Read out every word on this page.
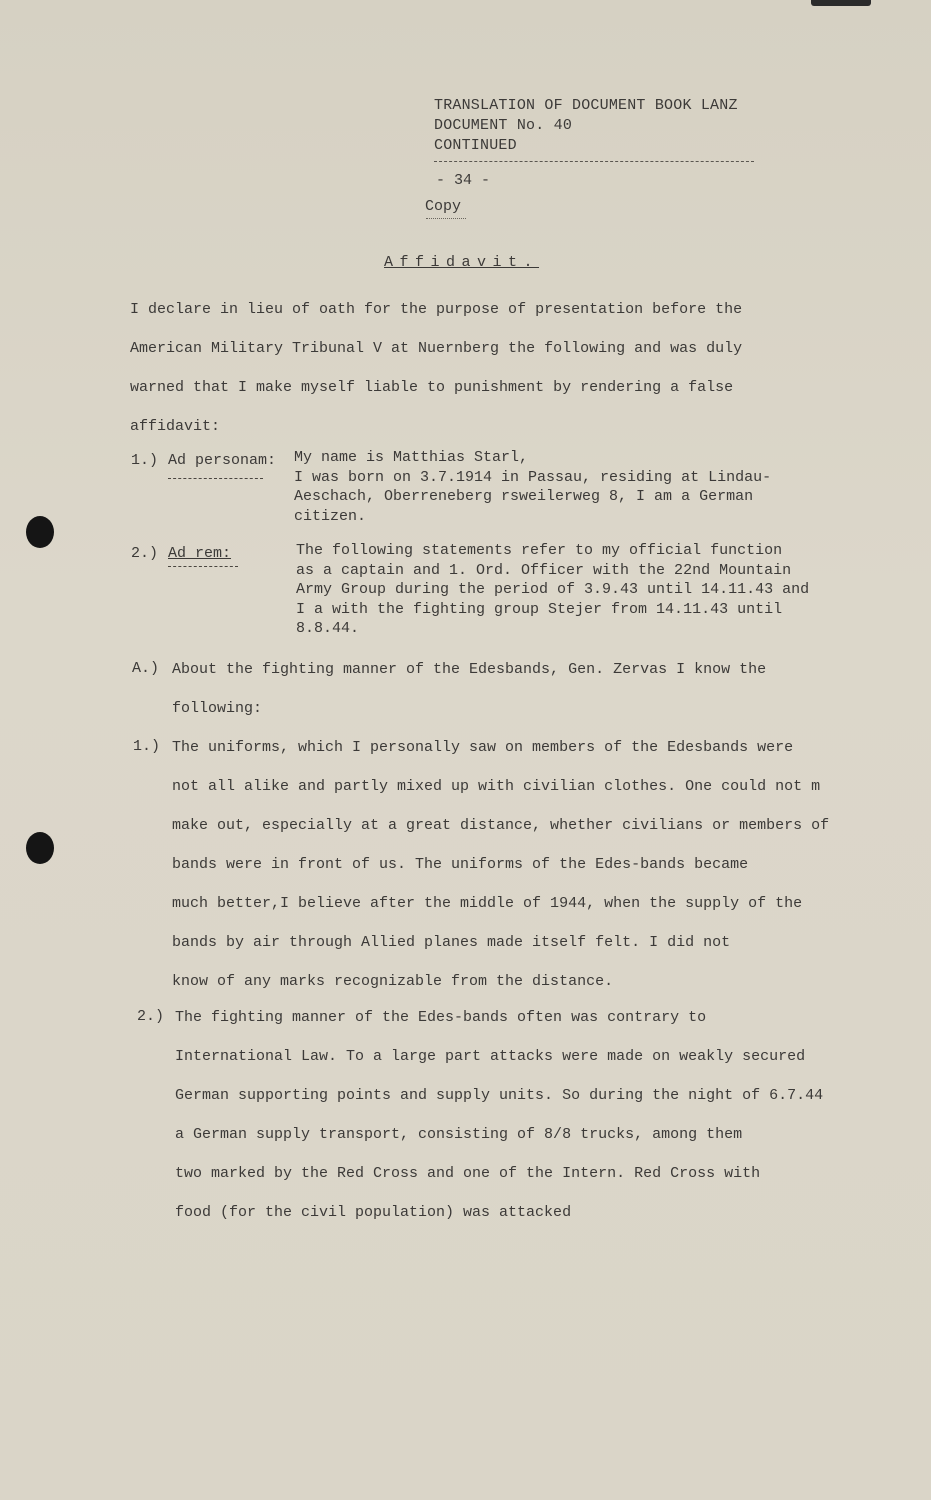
TRANSLATION OF DOCUMENT BOOK LANZ
DOCUMENT No. 40
CONTINUED
- 34 -
Copy
Affidavit.
I declare in lieu of oath for the purpose of presentation before the
American Military Tribunal V at Nuernberg the following and was duly
warned that I make myself liable to punishment by rendering a false
affidavit:
1.) Ad personam: My name is Matthias Starl,
I was born on 3.7.1914 in Passau, residing at Lindau-
Aeschach, Oberreneberg rsweilerweg 8, I am a German
citizen.
2.) Ad rem:	The following statements refer to my official function
as a captain and 1. Ord. Officer with the 22nd Mountain
Army Group during the period of 3.9.43 until 14.11.43 and
I a with the fighting group Stejer from 14.11.43 until
8.8.44.
A.) About the fighting manner of the Edesbands, Gen. Zervas I know the
following:
1.) The uniforms, which I personally saw on members of the Edesbands were
not all alike and partly mixed up with civilian clothes. One could not m
make out, especially at a great distance, whether civilians or members of
bands were in front of us. The uniforms of the Edes-bands became
much better,I believe after the middle of 1944, when the supply of the
bands by air through Allied planes made itself felt. I did not
know of any marks recognizable from the distance.
2.) The fighting manner of the Edes-bands often was contrary to
International Law. To a large part attacks were made on weakly secured
German supporting points and supply units. So during the night of 6.7.44
a German supply transport, consisting of 8/8 trucks, among them
two marked by the Red Cross and one of the Intern. Red Cross with
food (for the civil population) was attacked
